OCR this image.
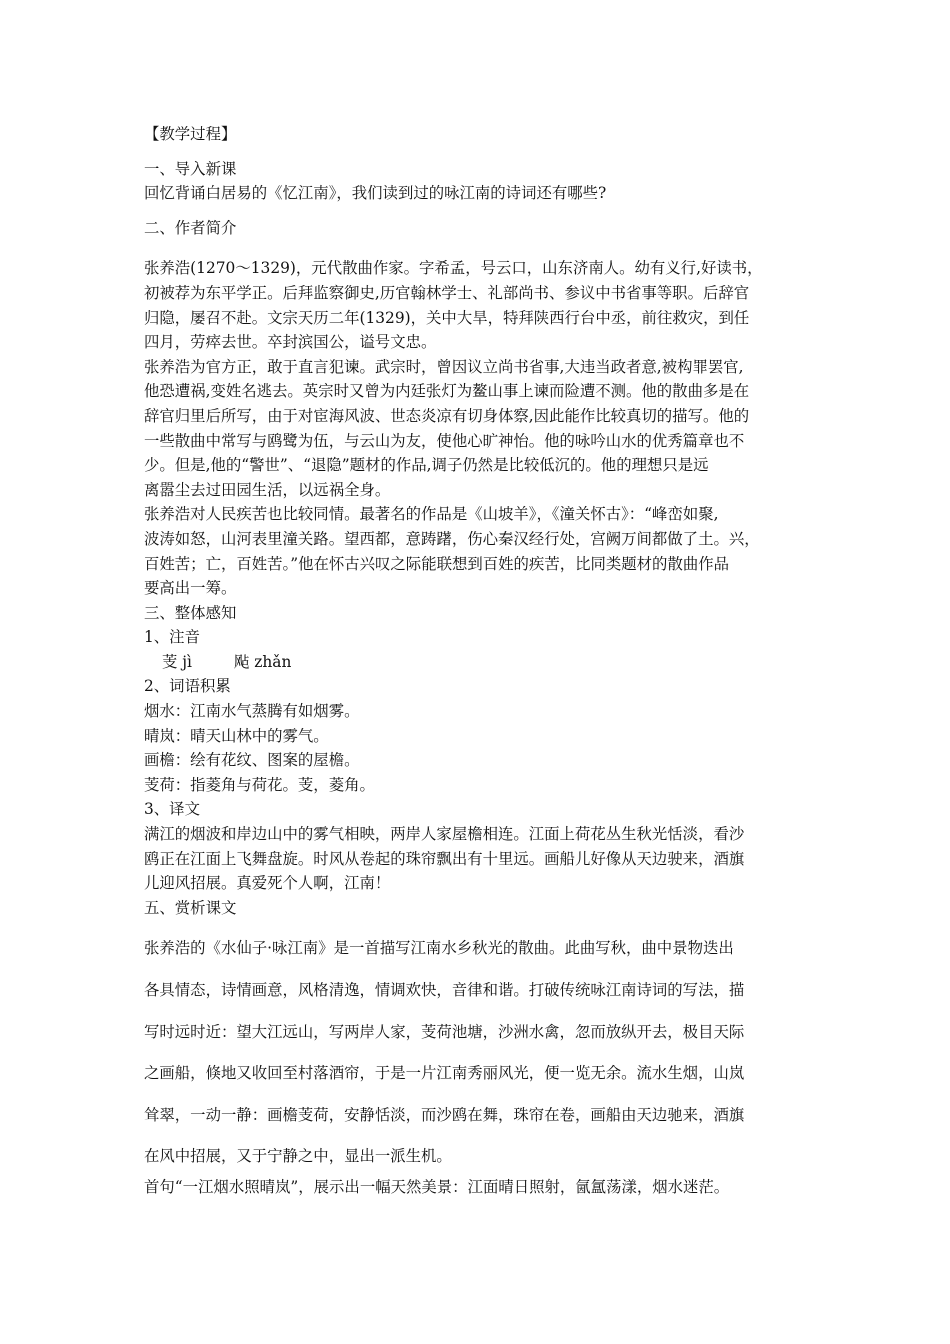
【教学过程】
一、导入新课
回忆背诵白居易的《忆江南》，我们读到过的咏江南的诗词还有哪些?
二、作者简介
张养浩(1270～1329)，元代散曲作家。字希孟，号云口，山东济南人。幼有义行,好读书，
初被荐为东平学正。后拜监察御史,历官翰林学士、礼部尚书、参议中书省事等职。后辞官
归隐，屡召不赴。文宗天历二年(1329)，关中大旱，特拜陕西行台中丞，前往救灾，到任
四月，劳瘁去世。卒封滨国公，谥号文忠。
张养浩为官方正，敢于直言犯谏。武宗时，曾因议立尚书省事,大违当政者意,被构罪罢官,
他恐遭祸,变姓名逃去。英宗时又曾为内廷张灯为鳌山事上谏而险遭不测。他的散曲多是在
辞官归里后所写，由于对宦海风波、世态炎凉有切身体察,因此能作比较真切的描写。他的
一些散曲中常写与鸥鹭为伍，与云山为友，使他心旷神怡。他的咏吟山水的优秀篇章也不
少。但是,他的“警世”、“退隐”题材的作品,调子仍然是比较低沉的。他的理想只是远
离嚣尘去过田园生活，以远祸全身。
张养浩对人民疾苦也比较同情。最著名的作品是《山坡羊》，《潼关怀古》：“峰峦如聚,
波涛如怒，山河表里潼关路。望西都，意踌躇，伤心秦汉经行处，宫阙万间都做了土。兴，
百姓苦；亡，百姓苦。”他在怀古兴叹之际能联想到百姓的疾苦，比同类题材的散曲作品
要高出一筹。
三、整体感知
1、注音
芰 jì	飐 zhǎn
2、词语积累
烟水：江南水气蒸腾有如烟雾。
晴岚：晴天山林中的雾气。
画檐：绘有花纹、图案的屋檐。
芰荷：指菱角与荷花。芰，菱角。
3、译文
满江的烟波和岸边山中的雾气相映，两岸人家屋檐相连。江面上荷花丛生秋光恬淡，看沙
鸥正在江面上飞舞盘旋。时风从卷起的珠帘飘出有十里远。画船儿好像从天边驶来，酒旗
儿迎风招展。真爱死个人啊，江南！
五、赏析课文
张养浩的《水仙子·咏江南》是一首描写江南水乡秋光的散曲。此曲写秋，曲中景物迭出
各具情态，诗情画意，风格清逸，情调欢快，音律和谐。打破传统咏江南诗词的写法，描
写时远时近：望大江远山，写两岸人家，芰荷池塘，沙洲水禽，忽而放纵开去，极目天际
之画船，倏地又收回至村落酒帘，于是一片江南秀丽风光，便一览无余。流水生烟，山岚
耸翠，一动一静：画檐芰荷，安静恬淡，而沙鸥在舞，珠帘在卷，画船由天边驰来，酒旗
在风中招展，又于宁静之中，显出一派生机。
首句“一江烟水照晴岚”，展示出一幅天然美景：江面晴日照射，氤氲荡漾，烟水迷茫。
